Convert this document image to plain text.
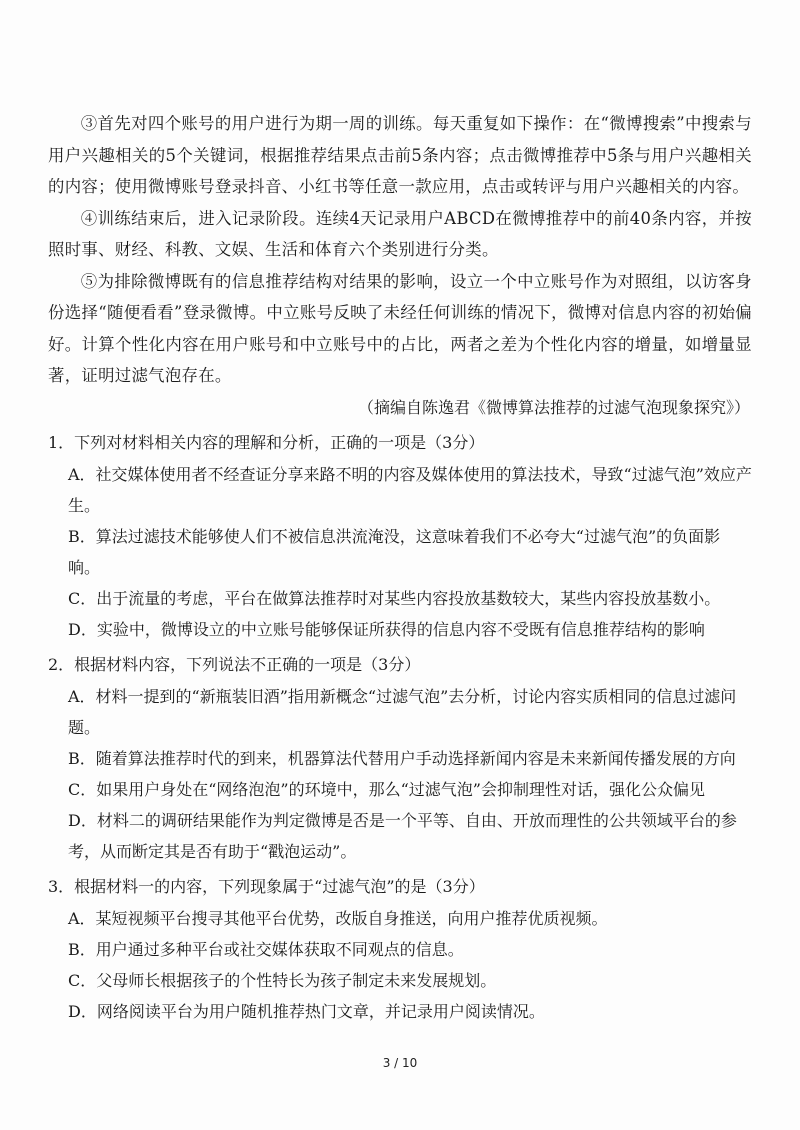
③首先对四个账号的用户进行为期一周的训练。每天重复如下操作：在“微博搜索”中搜索与用户兴趣相关的5个关键词，根据推荐结果点击前5条内容；点击微博推荐中5条与用户兴趣相关的内容；使用微博账号登录抖音、小红书等任意一款应用，点击或转评与用户兴趣相关的内容。

④训练结束后，进入记录阶段。连续4天记录用户ABCD在微博推荐中的前40条内容，并按照时事、财经、科教、文娱、生活和体育六个类别进行分类。

⑤为排除微博既有的信息推荐结构对结果的影响，设立一个中立账号作为对照组，以访客身份选择“随便看看”登录微博。中立账号反映了未经任何训练的情况下，微博对信息内容的初始偏好。计算个性化内容在用户账号和中立账号中的占比，两者之差为个性化内容的增量，如增量显著，证明过滤气泡存在。

（摘编自陈逸君《微博算法推荐的过滤气泡现象探究》）

1．下列对材料相关内容的理解和分析，正确的一项是（3分）

A．社交媒体使用者不经查证分享来路不明的内容及媒体使用的算法技术，导致“过滤气泡”效应产生。

B．算法过滤技术能够使人们不被信息洪流淹没，这意味着我们不必夸大“过滤气泡”的负面影响。

C．出于流量的考虑，平台在做算法推荐时对某些内容投放基数较大，某些内容投放基数小。

D．实验中，微博设立的中立账号能够保证所获得的信息内容不受既有信息推荐结构的影响

2．根据材料内容，下列说法不正确的一项是（3分）

A．材料一提到的“新瓶装旧酒”指用新概念“过滤气泡”去分析，讨论内容实质相同的信息过滤问题。

B．随着算法推荐时代的到来，机器算法代替用户手动选择新闻内容是未来新闻传播发展的方向

C．如果用户身处在“网络泡泡”的环境中，那么“过滤气泡”会抑制理性对话，强化公众偏见

D．材料二的调研结果能作为判定微博是否是一个平等、自由、开放而理性的公共领域平台的参考，从而断定其是否有助于“戳泡运动”。

3．根据材料一的内容，下列现象属于“过滤气泡”的是（3分）

A．某短视频平台搜寻其他平台优势，改版自身推送，向用户推荐优质视频。

B．用户通过多种平台或社交媒体获取不同观点的信息。

C．父母师长根据孩子的个性特长为孩子制定未来发展规划。

D．网络阅读平台为用户随机推荐热门文章，并记录用户阅读情况。

3 / 10
